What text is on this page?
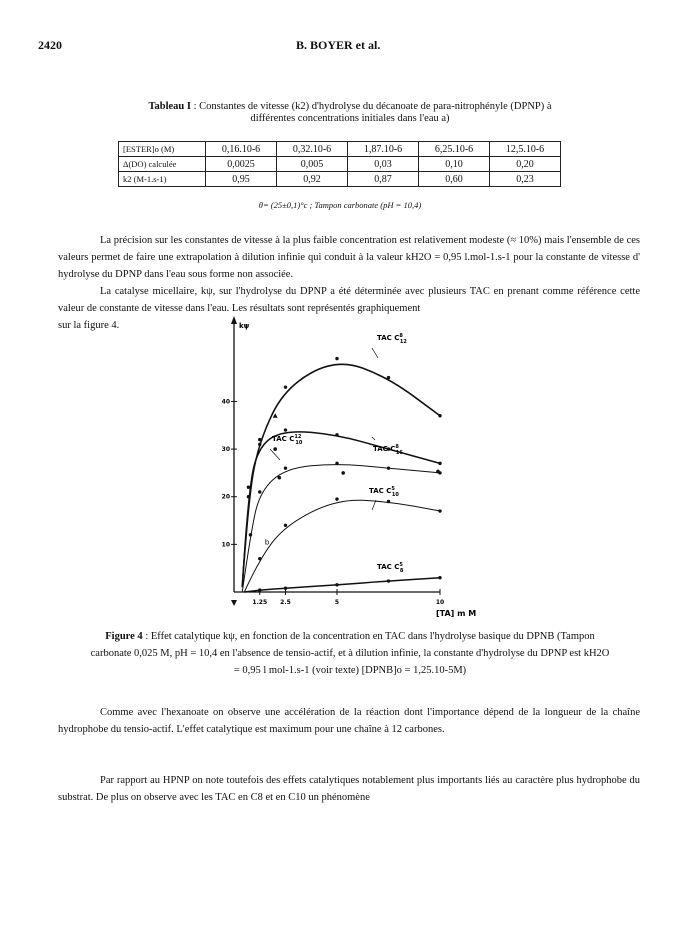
2420	B. BOYER et al.
Tableau I : Constantes de vitesse (k2) d'hydrolyse du décanoate de para-nitrophényle (DPNP) à différentes concentrations initiales dans l'eau a)
[ESTER]o (M)	0,16.10-6	0,32.10-6	1,87.10-6	6,25.10-6	12,5.10-6
Δ(DO) calculée	0,0025	0,005	0,03	0,10	0,20
k2 (M-1.s-1)	0,95	0,92	0,87	0,60	0,23
θ= (25±0,1)°c ; Tampon carbonate (pH = 10,4)
La précision sur les constantes de vitesse à la plus faible concentration est relativement modeste (≈ 10%) mais l'ensemble de ces valeurs permet de faire une extrapolation à dilution infinie qui conduit à la valeur kH2O = 0,95 l.mol-1.s-1 pour la constante de vitesse d' hydrolyse du DPNP dans l'eau sous forme non associée.
La catalyse micellaire, kψ, sur l'hydrolyse du DPNP a été déterminée avec plusieurs TAC en prenant comme référence cette valeur de constante de vitesse dans l'eau. Les résultats sont représentés graphiquement
sur la figure 4.	kψ
[TA] m M
10
20
30
40
1.25 2.5	5	10
b
TAC $C^8$ 12
TAC $C^8$ 16
TAC $C^{12}$ 10
TAC $C^5$ 10
TAC $C^5$ 8
Figure 4 : Effet catalytique kψ, en fonction de la concentration en TAC dans l'hydrolyse basique du DPNB (Tampon carbonate 0,025 M, pH = 10,4 en l'absence de tensio-actif, et à dilution infinie, la constante d'hydrolyse du DPNP est kH2O = 0,95 l mol-1.s-1 (voir texte) [DPNB]o = 1,25.10-5M)
Comme avec l'hexanoate on observe une accélération de la réaction dont l'importance dépend de la longueur de la chaîne hydrophobe du tensio-actif. L'effet catalytique est maximum pour une chaîne à 12 carbones.
Par rapport au HPNP on note toutefois des effets catalytiques notablement plus importants liés au caractère plus hydrophobe du substrat. De plus on observe avec les TAC en C8 et en C10 un phénomène
